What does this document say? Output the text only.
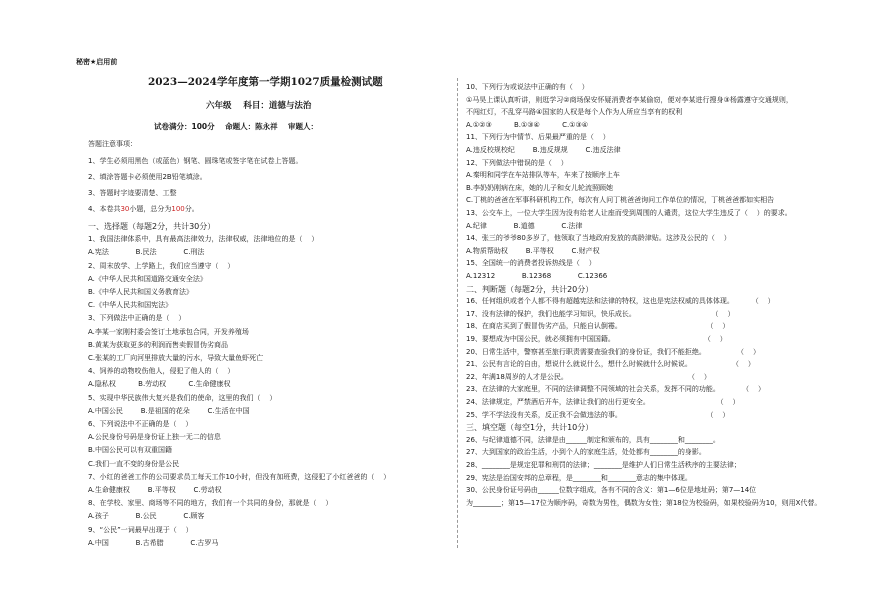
秘密★启用前
2023—2024学年度第一学期1027质量检测试题
六年级    科目：道德与法治
试卷满分：100分    命题人：陈永祥    审题人：
答题注意事项：
1、学生必须用黑色（或蓝色）钢笔、圆珠笔或签字笔在试卷上答题。
2、填涂答题卡必须使用2B铅笔填涂。
3、答题时字迹要清楚、工整
4、本卷共30小题，总分为100分。
一、选择题（每题2分，共计30分）
1、我国法律体系中，具有最高法律效力，法律权威，法律地位的是（    ）
A.宪法            B.民法            C.刑法
2、周末放学、上学路上，我们应当遵守（    ）
A.《中华人民共和国道路交通安全法》
B.《中华人民共和国义务教育法》
C.《中华人民共和国宪法》
3、下列做法中正确的是（    ）
A.李某一家刚村委会签订土地承包合同，开发养殖场
B.黄某为获取更多的利润而售卖假冒伪劣商品
C.张某的工厂向河里排放大量的污水，导致大量鱼虾死亡
4、饲养的动物咬伤他人，侵犯了他人的（    ）
A.隐私权          B.劳动权          C.生命健康权
5、实现中华民族伟大复兴是我们的使命，这里的我们（    ）
A.中国公民        B.是祖国的花朵        C.生活在中国
6、下列说法中不正确的是（    ）
A.公民身份号码是身份证上独一无二的信息
B.中国公民可以有双重国籍
C.我们一直不变的身份是公民
7、小红的爸爸工作的公司要求员工每天工作10小时，但没有加班费，这侵犯了小红爸爸的（    ）
A.生命健康权        B.平等权        C.劳动权
8、在学校、家里、商场等不同的地方，我们有一个共同的身份，那就是（    ）
A.孩子            B.公民            C.顾客
9、“公民”一词最早出现于（    ）
A.中国            B.古希腊            C.古罗马
10、下列行为或说法中正确的有（    ）
①马昊上课认真听讲，则逛学习②商场保安怀疑消费者李某偷窃，便对李某进行搜身③杨露遵守交通规则，
不闯红灯，不乱穿马路④国家的人权是每个人作为人所应当享有的权利
A.①②③          B.①③④          C.①③④
11、下列行为中情节、后果最严重的是（    ）
A.违反校规校纪        B.违反规规        C.违反法律
12、下列做法中错误的是（    ）
A.秦明和同学在车站排队等车，车来了按顺序上车
B.李奶奶刚病在床，她的儿子和女儿轮流照顾她
C.丁桃的爸爸在军事科研机构工作，每次有人问丁桃爸爸询问工作单位的情况，丁桃爸爸都如实相告
13、公交车上，一位大学生因为没有给老人让座而受到周围的人谴责，这位大学生违反了（    ）的要求。
A.纪律            B.道德            C.法律
14、张三的爷爷80多岁了，他领取了当地政府发放的高龄津贴。这涉及公民的（    ）
A.物质帮助权        B.平等权        C.财产权
15、全国统一的消费者投诉热线是（    ）
A.12312            B.12368            C.12366
二、判断题（每题2分，共计20分）
16、任何组织或者个人都不得有超越宪法和法律的特权，这也是宪法权威的具体体现。        （    ）
17、没有法律的保护，我们也能学习知识，快乐成长。                                  （    ）
18、在商店买到了假冒伪劣产品，只能自认倒霉。                                      （    ）
19、要想成为中国公民，就必须拥有中国国籍。                                        （    ）
20、日常生活中，警察甚至旅行职责需要查验我们的身份证，我们不能拒绝。              （    ）
21、公民有言论的自由，想说什么就说什么，想什么时候就什么时候说。                  （    ）
22、年满18周岁的人才是公民。                                                      （    ）
23、在法律的大家庭里，不同的法律调整不同领域的社会关系，发挥不同的功能。          （    ）
24、法律规定，严禁酒后开车，法律让我们的出行更安全。                              （    ）
25、学不学法没有关系，反正我不会做违法的事。                                      （    ）
三、填空题（每空1分，共计10分）
26、与纪律道德不同，法律是由______制定和颁布的，具有________和________。
27、大到国家的政治生活，小到个人的家庭生活，处处都有________的身影。
28、________是规定犯罪和刑罚的法律；________是维护人们日常生活秩序的主要法律；
29、宪法是治国安邦的总章程，是________和________意志的集中体现。
30、公民身份证号码由______位数字组成，各有不同的含义：第1—6位是地址码；第7—14位
为________；第15—17位为顺序码，奇数为男性，偶数为女性；第18位为校验码，如果校验码为10，则用X代替。
